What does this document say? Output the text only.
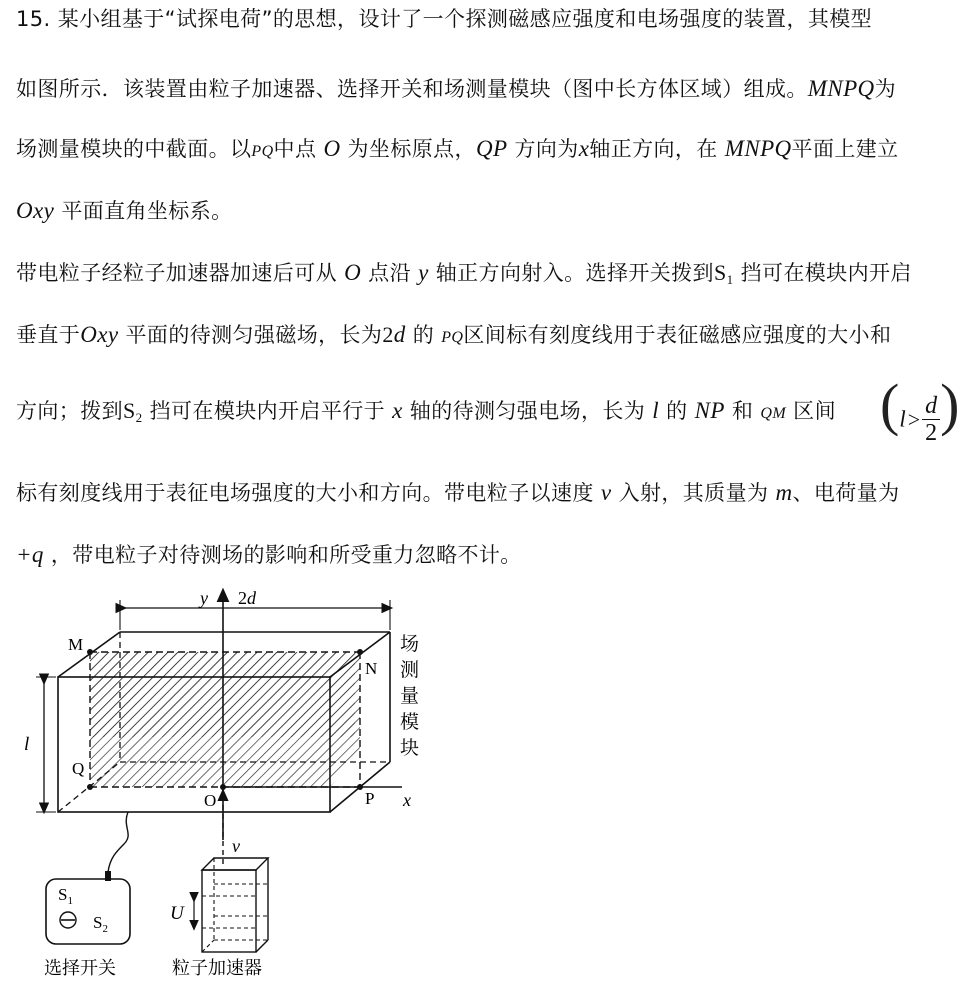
15. 某小组基于“试探电荷”的思想，设计了一个探测磁感应强度和电场强度的装置，其模型
如图所示．该装置由粒子加速器、选择开关和场测量模块（图中长方体区域）组成。MNPQ为
场测量模块的中截面。以PQ中点 O 为坐标原点，QP 方向为x轴正方向，在 MNPQ平面上建立
Oxy 平面直角坐标系。
带电粒子经粒子加速器加速后可从 O 点沿 y 轴正方向射入。选择开关拨到$S_1$ 挡可在模块内开启
垂直于Oxy 平面的待测匀强磁场，长为2d 的 PQ区间标有刻度线用于表征磁感应强度的大小和
方向；拨到$S_2$ 挡可在模块内开启平行于 x 轴的待测匀强电场，长为 l 的 NP 和 QM 区间 ($l> \frac{d}{2}$ )
标有刻度线用于表征电场强度的大小和方向。带电粒子以速度 v 入射，其质量为 m、电荷量为
+q ，带电粒子对待测场的影响和所受重力忽略不计。
y 2d
M
N
Q
P
O	x
l
场
测
量
模
块
$S_1$
$S_2$
选择开关
v
U
粒子加速器
